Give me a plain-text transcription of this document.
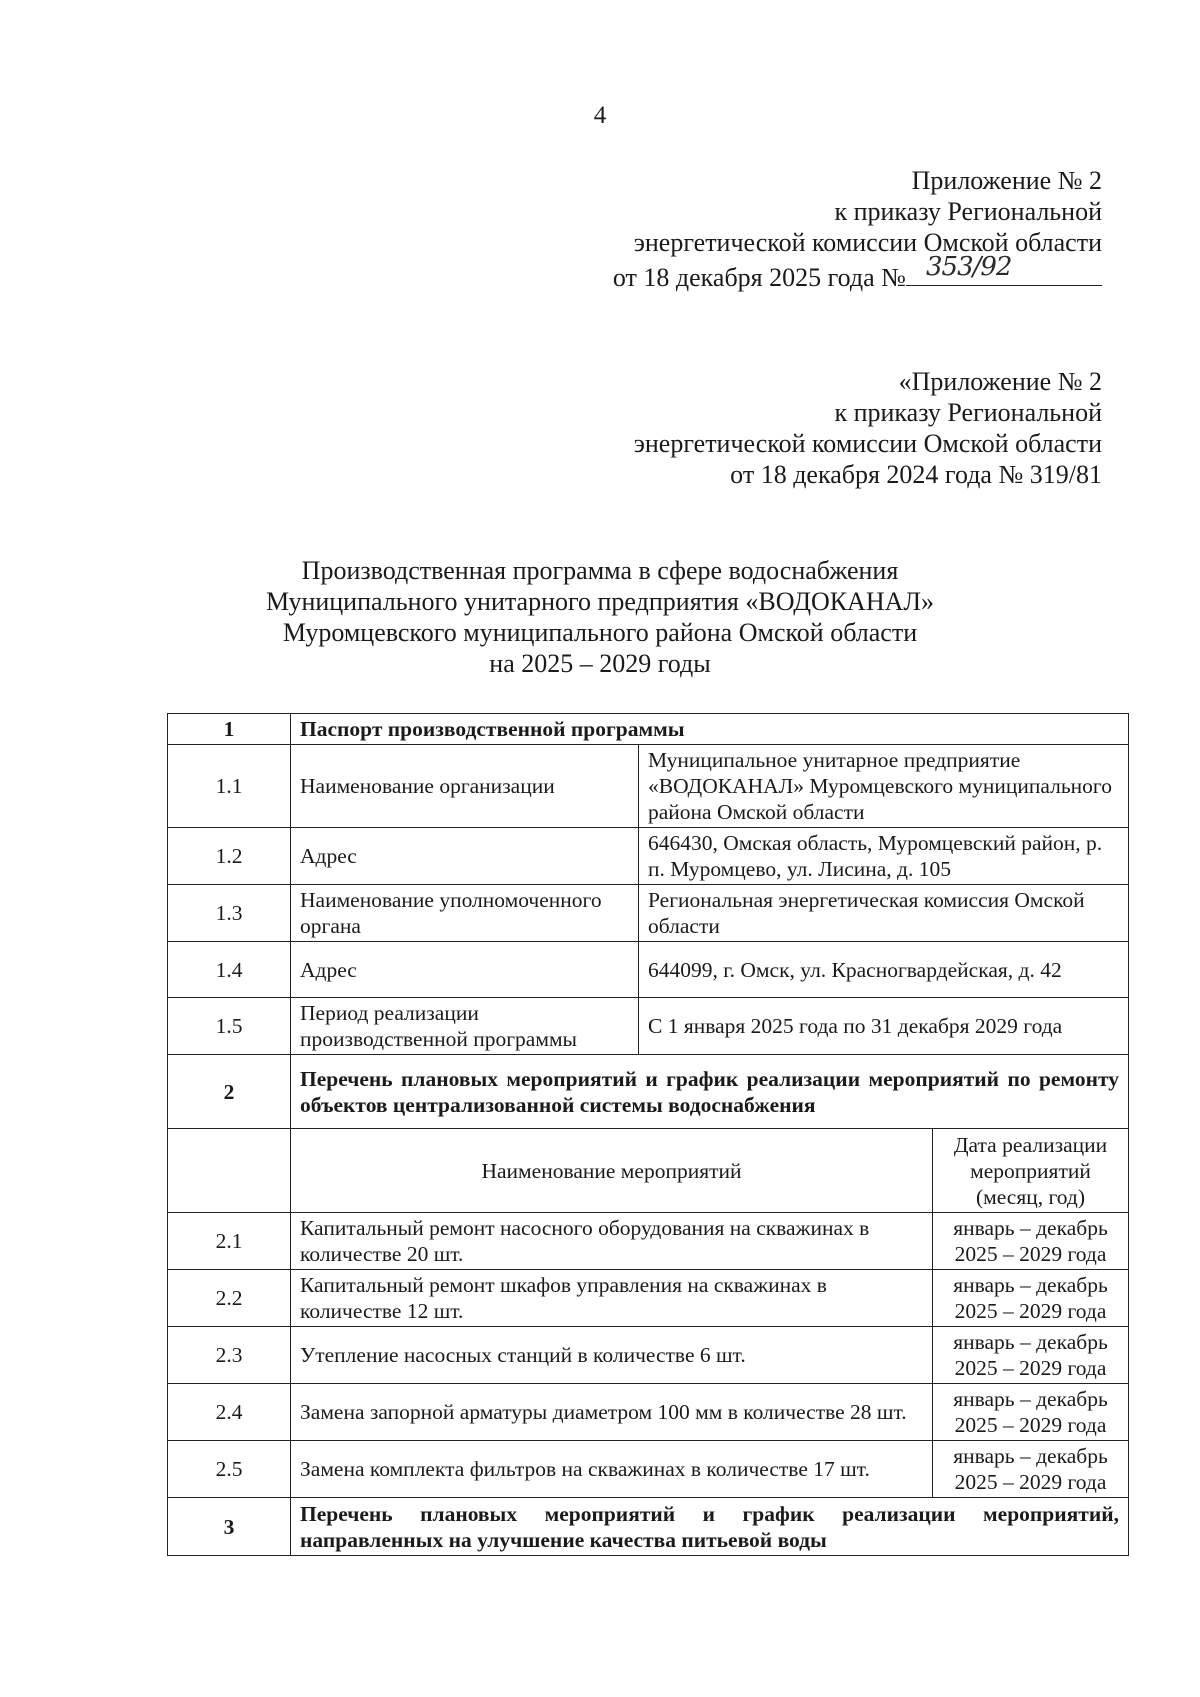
4
Приложение № 2
к приказу Региональной
энергетической комиссии Омской области
от 18 декабря 2025 года № 353/92
«Приложение № 2
к приказу Региональной
энергетической комиссии Омской области
от 18 декабря 2024 года № 319/81
Производственная программа в сфере водоснабжения
Муниципального унитарного предприятия «ВОДОКАНАЛ»
Муромцевского муниципального района Омской области
на 2025 – 2029 годы
1	Паспорт производственной программы		
1.1	Наименование организации	Муниципальное унитарное предприятие «ВОДОКАНАЛ» Муромцевского муниципального района Омской области	
1.2	Адрес	646430, Омская область, Муромцевский район, р. п. Муромцево, ул. Лисина, д. 105	
1.3	Наименование уполномоченного органа	Региональная энергетическая комиссия Омской области	
1.4	Адрес	644099, г. Омск, ул. Красногвардейская, д. 42	
1.5	Период реализации производственной программы	С 1 января 2025 года по 31 декабря 2029 года	
2	Перечень плановых мероприятий и график реализации мероприятий по ремонту объектов централизованной системы водоснабжения		
	Наименование мероприятий		Дата реализации мероприятий (месяц, год)
2.1	Капитальный ремонт насосного оборудования на скважинах в количестве 20 шт.		январь – декабрь 2025 – 2029 года
2.2	Капитальный ремонт шкафов управления на скважинах в количестве 12 шт.		январь – декабрь 2025 – 2029 года
2.3	Утепление насосных станций в количестве 6 шт.		январь – декабрь 2025 – 2029 года
2.4	Замена запорной арматуры диаметром 100 мм в количестве 28 шт.		январь – декабрь 2025 – 2029 года
2.5	Замена комплекта фильтров на скважинах в количестве 17 шт.		январь – декабрь 2025 – 2029 года
3	Перечень плановых мероприятий и график реализации мероприятий, направленных на улучшение качества питьевой воды		
